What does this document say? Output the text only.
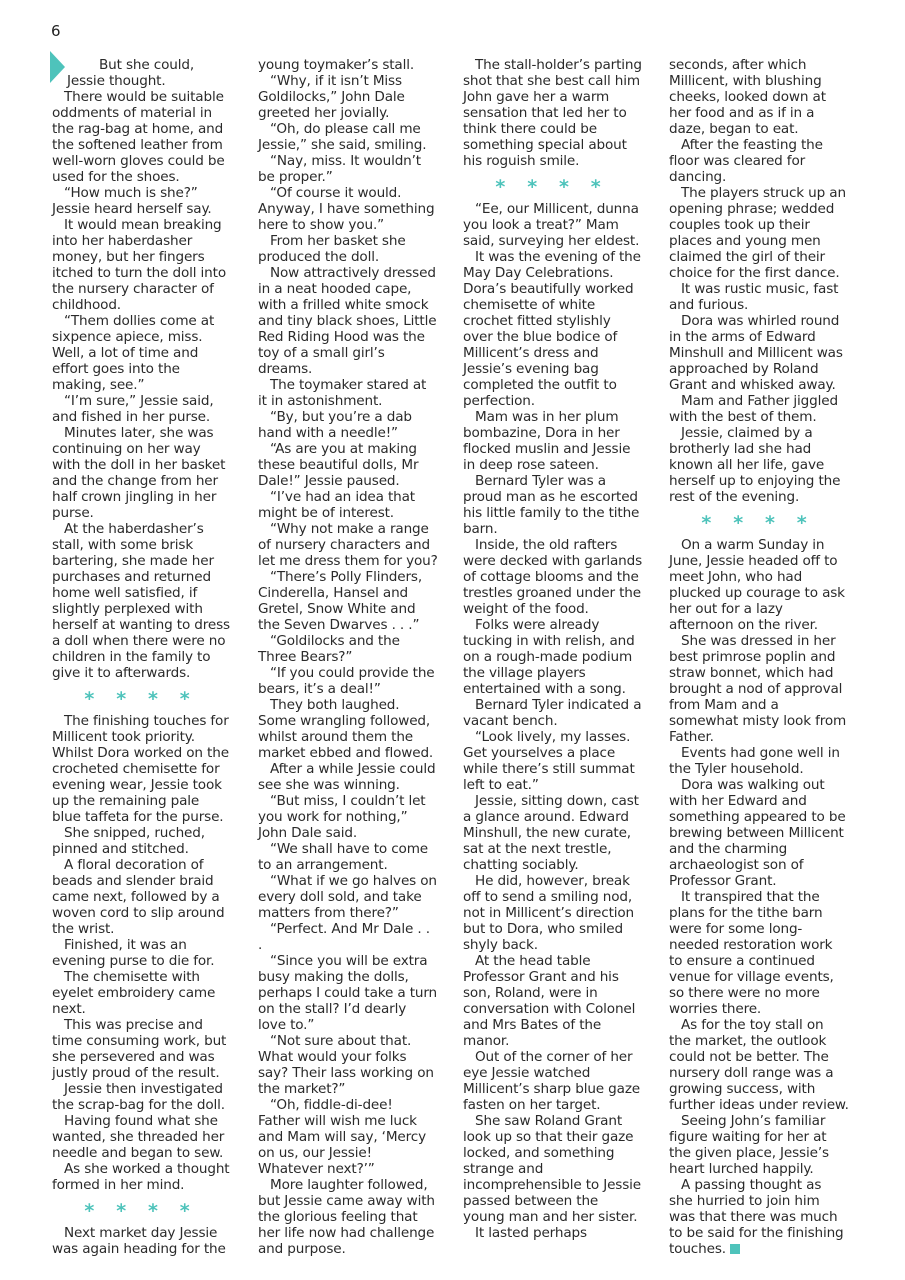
6

But she could, Jessie thought.

There would be suitable oddments of material in the rag-bag at home, and the softened leather from well-worn gloves could be used for the shoes.

“How much is she?” Jessie heard herself say.

It would mean breaking into her haberdasher money, but her fingers itched to turn the doll into the nursery character of childhood.

“Them dollies come at sixpence apiece, miss. Well, a lot of time and effort goes into the making, see.”

“I’m sure,” Jessie said, and fished in her purse.

Minutes later, she was continuing on her way with the doll in her basket and the change from her half crown jingling in her purse.

At the haberdasher’s stall, with some brisk bartering, she made her purchases and returned home well satisfied, if slightly perplexed with herself at wanting to dress a doll when there were no children in the family to give it to afterwards.

* * * *

The finishing touches for Millicent took priority. Whilst Dora worked on the crocheted chemisette for evening wear, Jessie took up the remaining pale blue taffeta for the purse.

She snipped, ruched, pinned and stitched.

A floral decoration of beads and slender braid came next, followed by a woven cord to slip around the wrist.

Finished, it was an evening purse to die for.

The chemisette with eyelet embroidery came next.

This was precise and time consuming work, but she persevered and was justly proud of the result.

Jessie then investigated the scrap-bag for the doll.

Having found what she wanted, she threaded her needle and began to sew.

As she worked a thought formed in her mind.

* * * *

Next market day Jessie was again heading for the

young toymaker’s stall.

“Why, if it isn’t Miss Goldilocks,” John Dale greeted her jovially.

“Oh, do please call me Jessie,” she said, smiling.

“Nay, miss. It wouldn’t be proper.”

“Of course it would. Anyway, I have something here to show you.”

From her basket she produced the doll.

Now attractively dressed in a neat hooded cape, with a frilled white smock and tiny black shoes, Little Red Riding Hood was the toy of a small girl’s dreams.

The toymaker stared at it in astonishment.

“By, but you’re a dab hand with a needle!”

“As are you at making these beautiful dolls, Mr Dale!” Jessie paused.

“I’ve had an idea that might be of interest.

“Why not make a range of nursery characters and let me dress them for you?

“There’s Polly Flinders, Cinderella, Hansel and Gretel, Snow White and the Seven Dwarves . . .”

“Goldilocks and the Three Bears?”

“If you could provide the bears, it’s a deal!”

They both laughed. Some wrangling followed, whilst around them the market ebbed and flowed.

After a while Jessie could see she was winning.

“But miss, I couldn’t let you work for nothing,” John Dale said.

“We shall have to come to an arrangement.

“What if we go halves on every doll sold, and take matters from there?”

“Perfect. And Mr Dale . . .

“Since you will be extra busy making the dolls, perhaps I could take a turn on the stall? I’d dearly love to.”

“Not sure about that. What would your folks say? Their lass working on the market?”

“Oh, fiddle-di-dee! Father will wish me luck and Mam will say, ‘Mercy on us, our Jessie! Whatever next?’”

More laughter followed, but Jessie came away with the glorious feeling that her life now had challenge and purpose.

The stall-holder’s parting shot that she best call him John gave her a warm sensation that led her to think there could be something special about his roguish smile.

* * * *

“Ee, our Millicent, dunna you look a treat?” Mam said, surveying her eldest.

It was the evening of the May Day Celebrations. Dora’s beautifully worked chemisette of white crochet fitted stylishly over the blue bodice of Millicent’s dress and Jessie’s evening bag completed the outfit to perfection.

Mam was in her plum bombazine, Dora in her flocked muslin and Jessie in deep rose sateen.

Bernard Tyler was a proud man as he escorted his little family to the tithe barn.

Inside, the old rafters were decked with garlands of cottage blooms and the trestles groaned under the weight of the food.

Folks were already tucking in with relish, and on a rough-made podium the village players entertained with a song.

Bernard Tyler indicated a vacant bench.

“Look lively, my lasses. Get yourselves a place while there’s still summat left to eat.”

Jessie, sitting down, cast a glance around. Edward Minshull, the new curate, sat at the next trestle, chatting sociably.

He did, however, break off to send a smiling nod, not in Millicent’s direction but to Dora, who smiled shyly back.

At the head table Professor Grant and his son, Roland, were in conversation with Colonel and Mrs Bates of the manor.

Out of the corner of her eye Jessie watched Millicent’s sharp blue gaze fasten on her target.

She saw Roland Grant look up so that their gaze locked, and something strange and incomprehensible to Jessie passed between the young man and her sister.

It lasted perhaps

seconds, after which Millicent, with blushing cheeks, looked down at her food and as if in a daze, began to eat.

After the feasting the floor was cleared for dancing.

The players struck up an opening phrase; wedded couples took up their places and young men claimed the girl of their choice for the first dance.

It was rustic music, fast and furious.

Dora was whirled round in the arms of Edward Minshull and Millicent was approached by Roland Grant and whisked away.

Mam and Father jiggled with the best of them.

Jessie, claimed by a brotherly lad she had known all her life, gave herself up to enjoying the rest of the evening.

* * * *

On a warm Sunday in June, Jessie headed off to meet John, who had plucked up courage to ask her out for a lazy afternoon on the river.

She was dressed in her best primrose poplin and straw bonnet, which had brought a nod of approval from Mam and a somewhat misty look from Father.

Events had gone well in the Tyler household.

Dora was walking out with her Edward and something appeared to be brewing between Millicent and the charming archaeologist son of Professor Grant.

It transpired that the plans for the tithe barn were for some long-needed restoration work to ensure a continued venue for village events, so there were no more worries there.

As for the toy stall on the market, the outlook could not be better. The nursery doll range was a growing success, with further ideas under review.

Seeing John’s familiar figure waiting for her at the given place, Jessie’s heart lurched happily.

A passing thought as she hurried to join him was that there was much to be said for the finishing touches.
